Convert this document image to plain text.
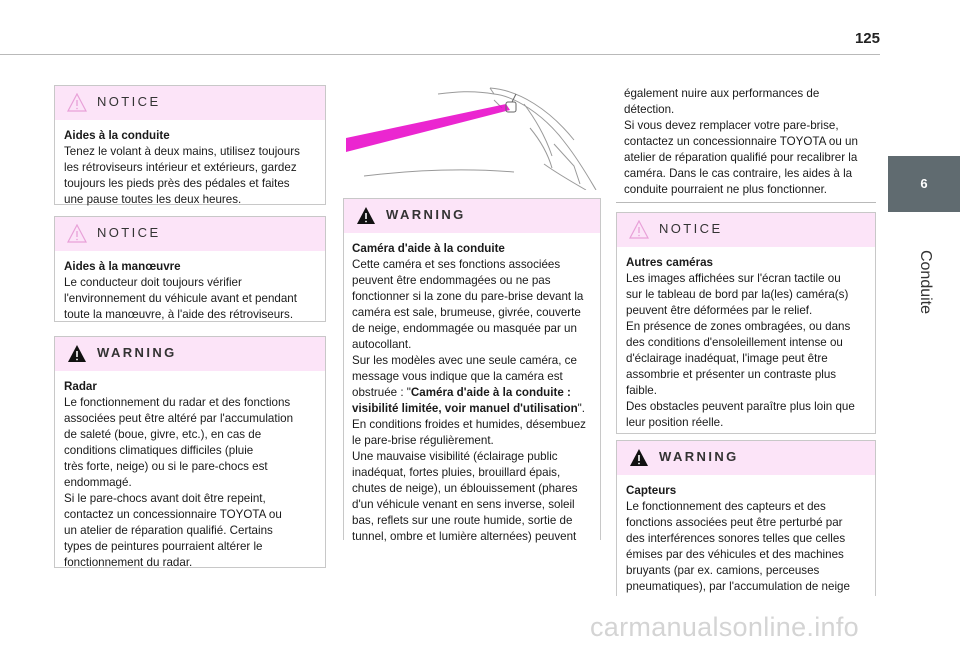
125
6
Conduite
NOTICE
Aides à la conduite
Tenez le volant à deux mains, utilisez toujours
les rétroviseurs intérieur et extérieurs, gardez
toujours les pieds près des pédales et faites
une pause toutes les deux heures.
NOTICE
Aides à la manœuvre
Le conducteur doit toujours vérifier
l'environnement du véhicule avant et pendant
toute la manœuvre, à l'aide des rétroviseurs.
WARNING
Radar
Le fonctionnement du radar et des fonctions
associées peut être altéré par l'accumulation
de saleté (boue, givre, etc.), en cas de
conditions climatiques difficiles (pluie
très forte, neige) ou si le pare-chocs est
endommagé.
Si le pare-chocs avant doit être repeint,
contactez un concessionnaire TOYOTA ou
un atelier de réparation qualifié. Certains
types de peintures pourraient altérer le
fonctionnement du radar.
WARNING
Caméra d'aide à la conduite
Cette caméra et ses fonctions associées
peuvent être endommagées ou ne pas
fonctionner si la zone du pare-brise devant la
caméra est sale, brumeuse, givrée, couverte
de neige, endommagée ou masquée par un
autocollant.
Sur les modèles avec une seule caméra, ce
message vous indique que la caméra est
obstruée : "Caméra d'aide à la conduite :
visibilité limitée, voir manuel d'utilisation".
En conditions froides et humides, désembuez
le pare-brise régulièrement.
Une mauvaise visibilité (éclairage public
inadéquat, fortes pluies, brouillard épais,
chutes de neige), un éblouissement (phares
d'un véhicule venant en sens inverse, soleil
bas, reflets sur une route humide, sortie de
tunnel, ombre et lumière alternées) peuvent
également nuire aux performances de
détection.
Si vous devez remplacer votre pare-brise,
contactez un concessionnaire TOYOTA ou un
atelier de réparation qualifié pour recalibrer la
caméra. Dans le cas contraire, les aides à la
conduite pourraient ne plus fonctionner.
NOTICE
Autres caméras
Les images affichées sur l'écran tactile ou
sur le tableau de bord par la(les) caméra(s)
peuvent être déformées par le relief.
En présence de zones ombragées, ou dans
des conditions d'ensoleillement intense ou
d'éclairage inadéquat, l'image peut être
assombrie et présenter un contraste plus
faible.
Des obstacles peuvent paraître plus loin que
leur position réelle.
WARNING
Capteurs
Le fonctionnement des capteurs et des
fonctions associées peut être perturbé par
des interférences sonores telles que celles
émises par des véhicules et des machines
bruyants (par ex. camions, perceuses
pneumatiques), par l'accumulation de neige
carmanualsonline.info
